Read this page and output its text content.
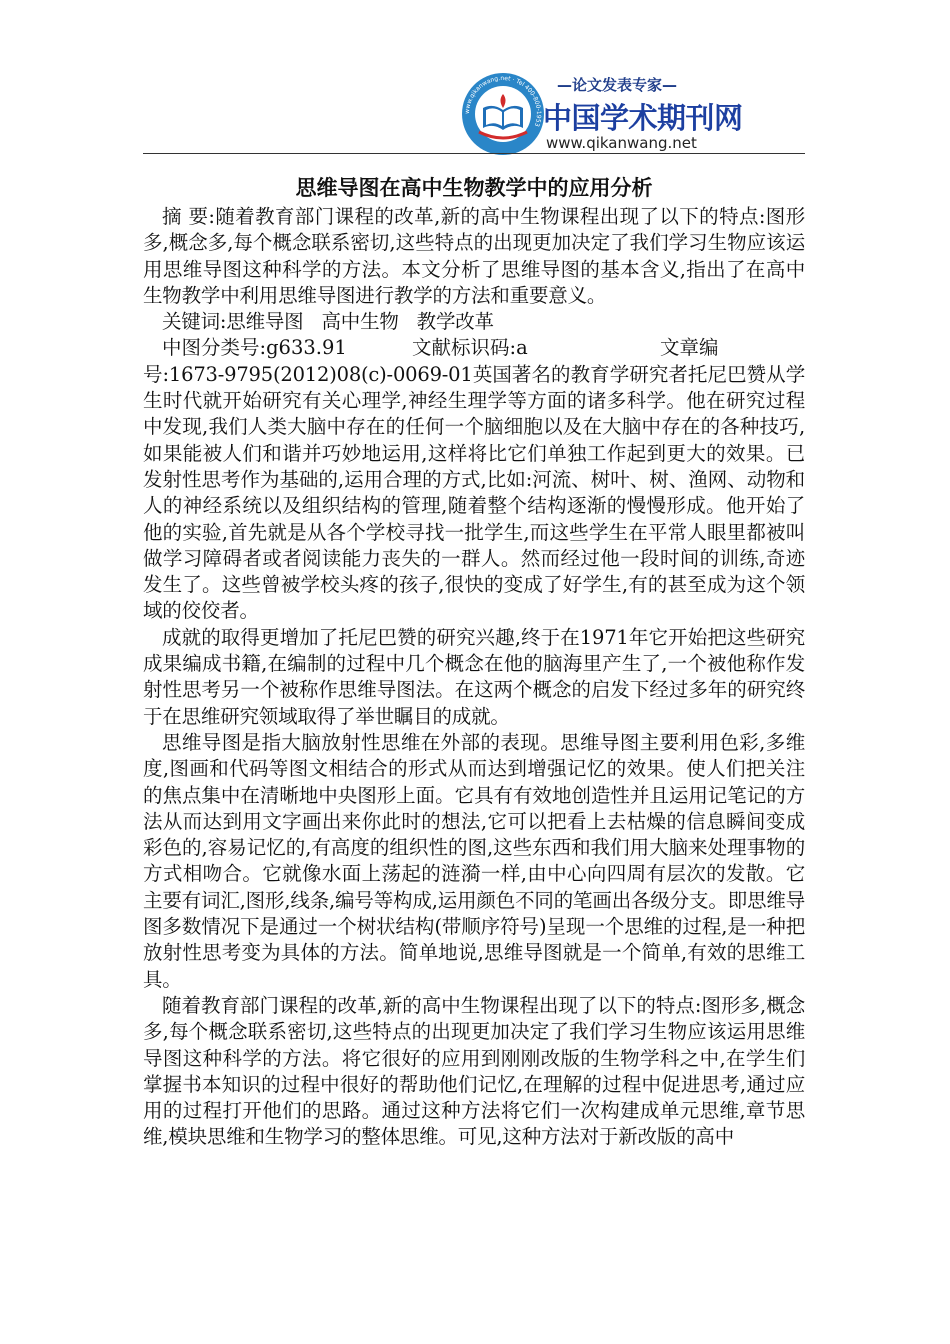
www.qikanwang.net · Tel 400-800-1953
—论文发表专家—
中国学术期刊网
www.qikanwang.net
思维导图在高中生物教学中的应用分析

摘 要:随着教育部门课程的改革,新的高中生物课程出现了以下的特点:图形多,概念多,每个概念联系密切,这些特点的出现更加决定了我们学习生物应该运用思维导图这种科学的方法。本文分析了思维导图的基本含义,指出了在高中生物教学中利用思维导图进行教学的方法和重要意义。

关键词:思维导图   高中生物   教学改革

中图分类号:g633.91	文献标识码:a	文章编

号:1673-9795(2012)08(c)-0069-01英国著名的教育学研究者托尼巴赞从学生时代就开始研究有关心理学,神经生理学等方面的诸多科学。他在研究过程中发现,我们人类大脑中存在的任何一个脑细胞以及在大脑中存在的各种技巧,如果能被人们和谐并巧妙地运用,这样将比它们单独工作起到更大的效果。已发射性思考作为基础的,运用合理的方式,比如:河流、树叶、树、渔网、动物和人的神经系统以及组织结构的管理,随着整个结构逐渐的慢慢形成。他开始了他的实验,首先就是从各个学校寻找一批学生,而这些学生在平常人眼里都被叫做学习障碍者或者阅读能力丧失的一群人。然而经过他一段时间的训练,奇迹发生了。这些曾被学校头疼的孩子,很快的变成了好学生,有的甚至成为这个领域的佼佼者。

成就的取得更增加了托尼巴赞的研究兴趣,终于在1971年它开始把这些研究成果编成书籍,在编制的过程中几个概念在他的脑海里产生了,一个被他称作发射性思考另一个被称作思维导图法。在这两个概念的启发下经过多年的研究终于在思维研究领域取得了举世瞩目的成就。

思维导图是指大脑放射性思维在外部的表现。思维导图主要利用色彩,多维度,图画和代码等图文相结合的形式从而达到增强记忆的效果。使人们把关注的焦点集中在清晰地中央图形上面。它具有有效地创造性并且运用记笔记的方法从而达到用文字画出来你此时的想法,它可以把看上去枯燥的信息瞬间变成彩色的,容易记忆的,有高度的组织性的图,这些东西和我们用大脑来处理事物的方式相吻合。它就像水面上荡起的涟漪一样,由中心向四周有层次的发散。它主要有词汇,图形,线条,编号等构成,运用颜色不同的笔画出各级分支。即思维导图多数情况下是通过一个树状结构(带顺序符号)呈现一个思维的过程,是一种把放射性思考变为具体的方法。简单地说,思维导图就是一个简单,有效的思维工具。

随着教育部门课程的改革,新的高中生物课程出现了以下的特点:图形多,概念多,每个概念联系密切,这些特点的出现更加决定了我们学习生物应该运用思维导图这种科学的方法。将它很好的应用到刚刚改版的生物学科之中,在学生们掌握书本知识的过程中很好的帮助他们记忆,在理解的过程中促进思考,通过应用的过程打开他们的思路。通过这种方法将它们一次构建成单元思维,章节思维,模块思维和生物学习的整体思维。可见,这种方法对于新改版的高中
